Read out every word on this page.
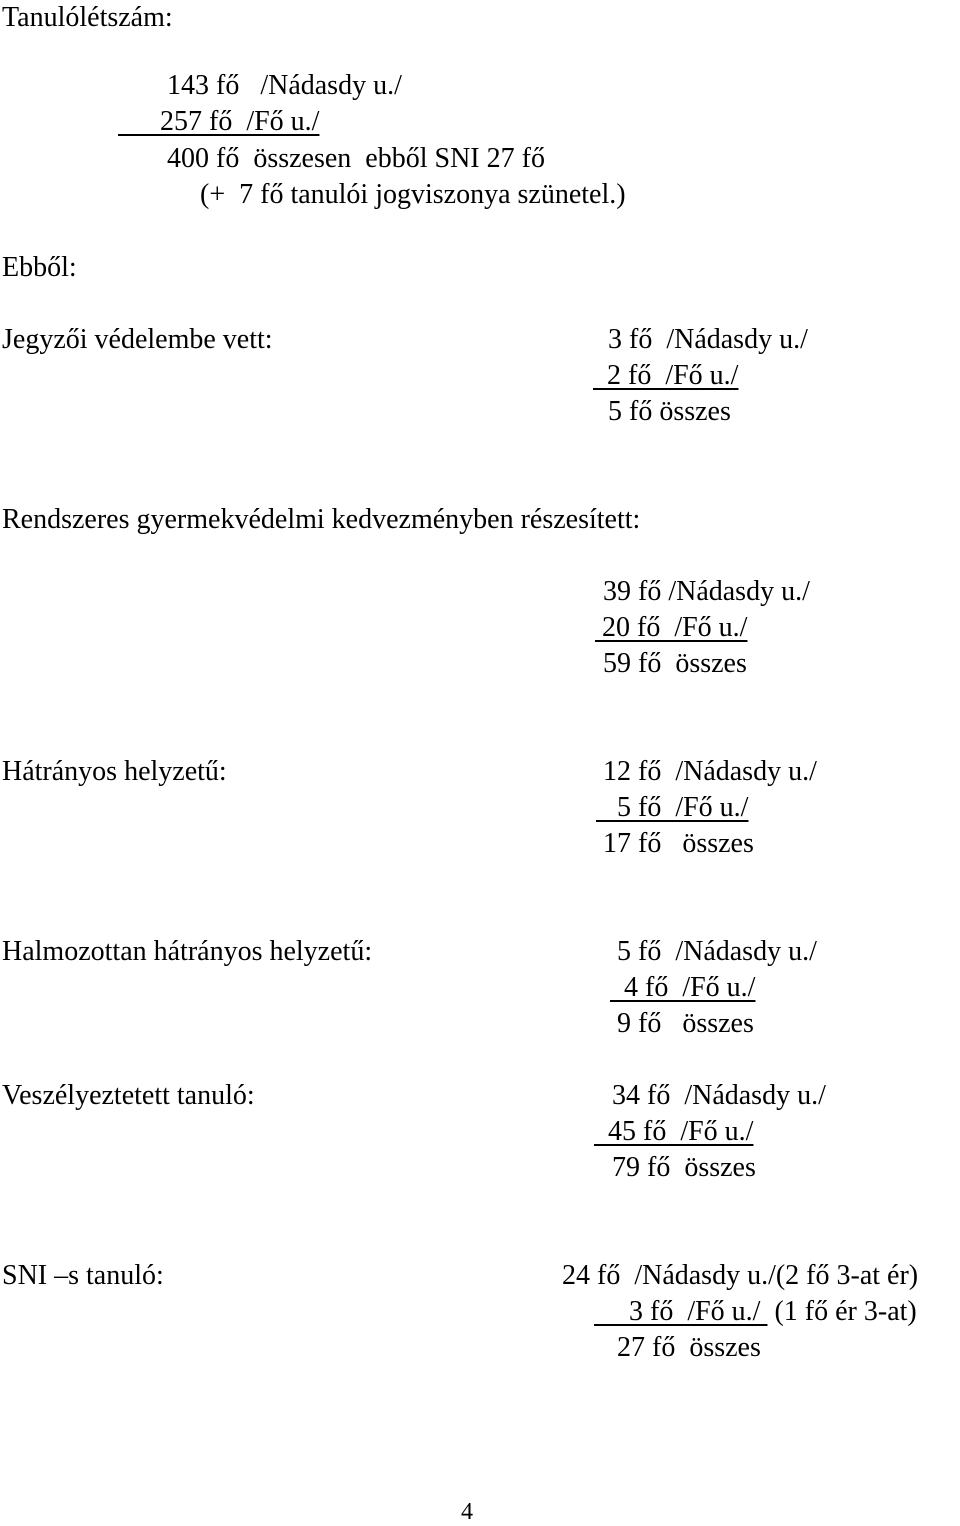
Tanulólétszám:

143 fő   /Nádasdy u./

257 fő  /Fő u./

400 fő  összesen  ebből SNI 27 fő

(+  7 fő tanulói jogviszonya szünetel.)

Ebből:

Jegyzői védelembe vett:	3 fő  /Nádasdy u./

2 fő  /Fő u./

5 fő összes

Rendszeres gyermekvédelmi kedvezményben részesített:

39 fő /Nádasdy u./

20 fő  /Fő u./

59 fő  összes

Hátrányos helyzetű:	12 fő  /Nádasdy u./

5 fő  /Fő u./

17 fő   összes

Halmozottan hátrányos helyzetű:	5 fő  /Nádasdy u./

4 fő  /Fő u./

9 fő   összes

Veszélyeztetett tanuló:	34 fő  /Nádasdy u./

45 fő  /Fő u./

79 fő  összes

SNI –s tanuló:	24 fő  /Nádasdy u./(2 fő 3-at ér)

3 fő  /Fő u./  (1 fő ér 3-at)

27 fő  összes

4
